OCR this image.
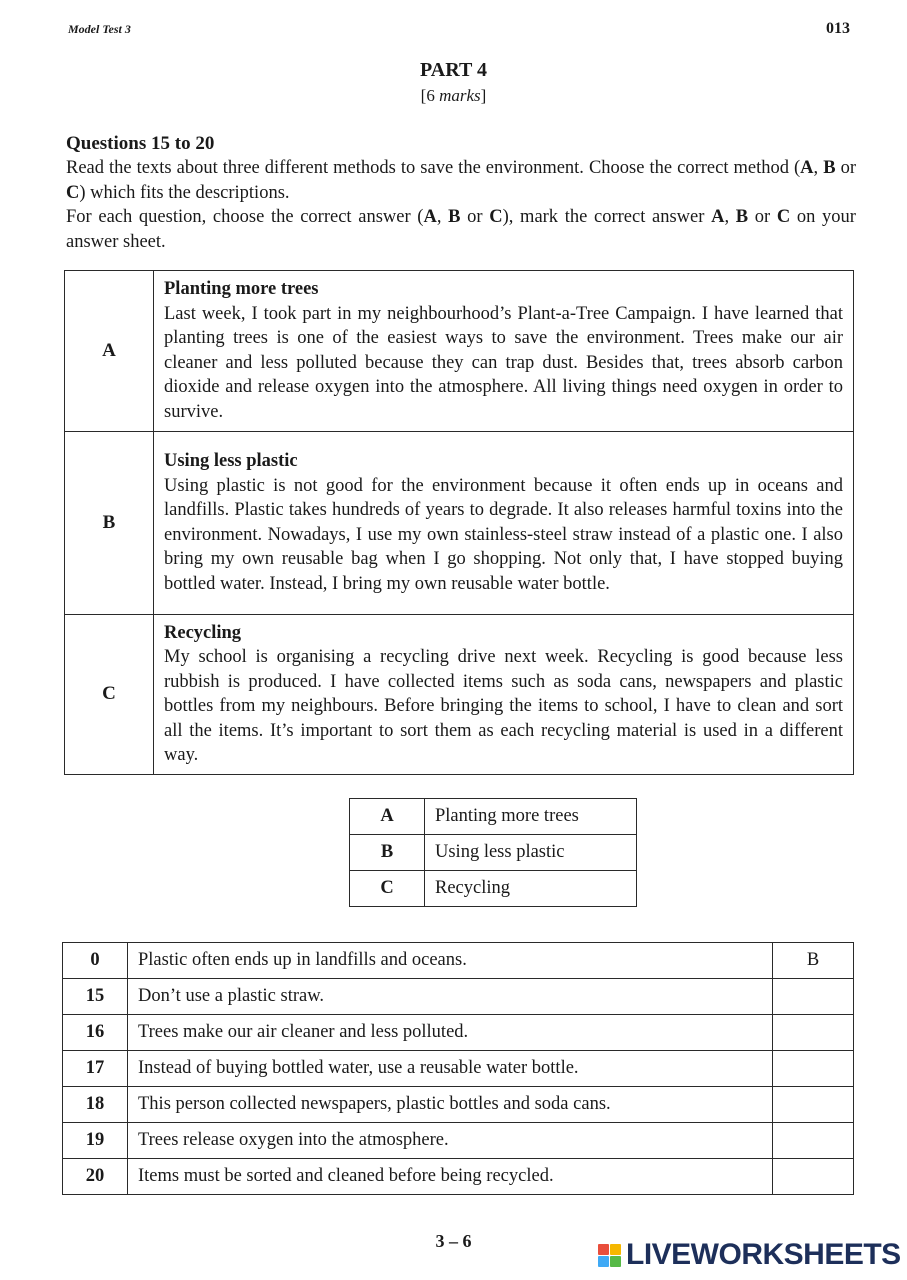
Model Test 3	013
PART 4
[6 marks]
Questions 15 to 20
Read the texts about three different methods to save the environment. Choose the correct method (A, B or C) which fits the descriptions.
For each question, choose the correct answer (A, B or C), mark the correct answer A, B or C on your answer sheet.
A	Planting more trees
Last week, I took part in my neighbourhood’s Plant-a-Tree Campaign. I have learned that planting trees is one of the easiest ways to save the environment. Trees make our air cleaner and less polluted because they can trap dust. Besides that, trees absorb carbon dioxide and release oxygen into the atmosphere. All living things need oxygen in order to survive.

B	Using less plastic
Using plastic is not good for the environment because it often ends up in oceans and landfills. Plastic takes hundreds of years to degrade. It also releases harmful toxins into the environment. Nowadays, I use my own stainless-steel straw instead of a plastic one. I also bring my own reusable bag when I go shopping. Not only that, I have stopped buying bottled water. Instead, I bring my own reusable water bottle.

C	Recycling
My school is organising a recycling drive next week. Recycling is good because less rubbish is produced. I have collected items such as soda cans, newspapers and plastic bottles from my neighbours. Before bringing the items to school, I have to clean and sort all the items. It’s important to sort them as each recycling material is used in a different way.
A	Planting more trees
B	Using less plastic
C	Recycling
0	Plastic often ends up in landfills and oceans.	B
15	Don’t use a plastic straw.	
16	Trees make our air cleaner and less polluted.	
17	Instead of buying bottled water, use a reusable water bottle.	
18	This person collected newspapers, plastic bottles and soda cans.	
19	Trees release oxygen into the atmosphere.	
20	Items must be sorted and cleaned before being recycled.	
3 – 6	LIVEWORKSHEETS
